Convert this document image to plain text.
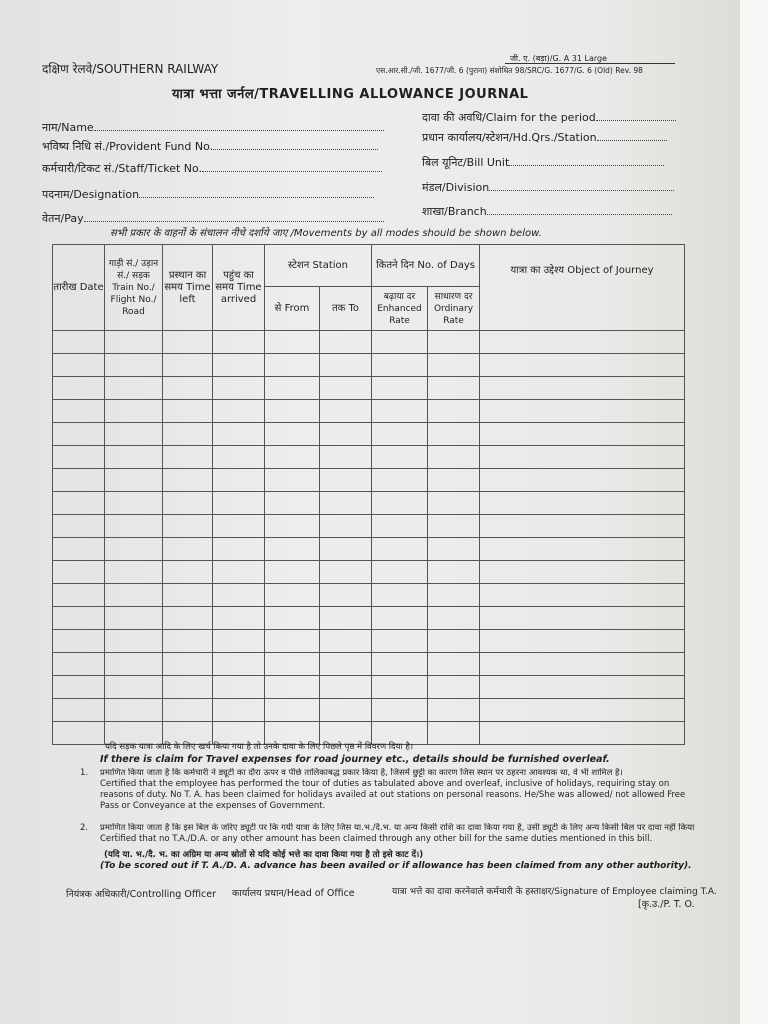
दक्षिण रेलवे/SOUTHERN RAILWAY
जी. ए. (बड़ा)/G. A 31 Large
एस.आर.सी./जी. 1677/जी. 6 (पुराना) संशोधित 98/SRC/G. 1677/G. 6 (Old) Rev. 98
यात्रा भत्ता जर्नल/TRAVELLING ALLOWANCE JOURNAL
नाम/Name
भविष्य निधि सं./Provident Fund No.
कर्मचारी/टिकट सं./Staff/Ticket No.
पदनाम/Designation
वेतन/Pay
दावा की अवधि/Claim for the period
प्रधान कार्यालय/स्टेशन/Hd.Qrs./Station
बिल यूनिट/Bill Unit
मंडल/Division
शाखा/Branch
सभी प्रकार के वाहनों के संचालन नीचे दर्शाये जाए /Movements by all modes should be shown below.
तारीख Date	गाड़ी सं./ उड़ान सं./ सड़क Train No./ Flight No./ Road	प्रस्थान का समय Time left	पहुंच का समय Time arrived	स्टेशन Station		कितने दिन No. of Days		यात्रा का उद्देश्य Object of Journey
				से From	तक To	बढ़ाया दर Enhanced Rate	साधारण दर Ordinary Rate	

यदि सड़क यात्रा आदि के लिए खर्च किया गया है तो उनके दावा के लिए पिछले पृष्ठ में विवरण दिया है।
If there is claim for Travel expenses for road journey etc., details should be furnished overleaf.
1. प्रमाणित किया जाता है कि कर्मचारी ने ड्यूटी का दौरा ऊपर व पीछे तालिकाबद्ध प्रकार किया है, जिसमें छुट्टी का कारण जिस स्थान पर ठहरना आवश्यक था, वे भी शामिल है।
Certified that the employee has performed the tour of duties as tabulated above and overleaf, inclusive of holidays, requiring stay on reasons of duty. No T. A. has been claimed for holidays availed at out stations on personal reasons. He/She was allowed/ not allowed Free Pass or Conveyance at the expenses of Government.
2. प्रमाणित किया जाता है कि इस बिल के जरिए ड्यूटी पर कि गयी यात्रा के लिए जिस या.भ./दै.भ. या अन्य किसी राशि का दावा किया गया है, उसी ड्यूटी के लिए अन्य किसी बिल पर दावा नहीं किया
Certified that no T.A./D.A. or any other amount has been claimed through any other bill for the same duties mentioned in this bill.
(यदि या. भ./दै. भ. का अग्रिम या अन्य स्रोतों से यदि कोई भत्ते का दावा किया गया है तो इसे काट दें।)
(To be scored out if T. A./D. A. advance has been availed or if allowance has been claimed from any other authority).
नियंत्रक अधिकारी/Controlling Officer कार्यालय प्रधान/Head of Office	यात्रा भत्ते का दावा करनेवाले कर्मचारी के हस्ताक्षर/Signature of Employee claiming T.A.
[कृ.उ./P. T. O.
